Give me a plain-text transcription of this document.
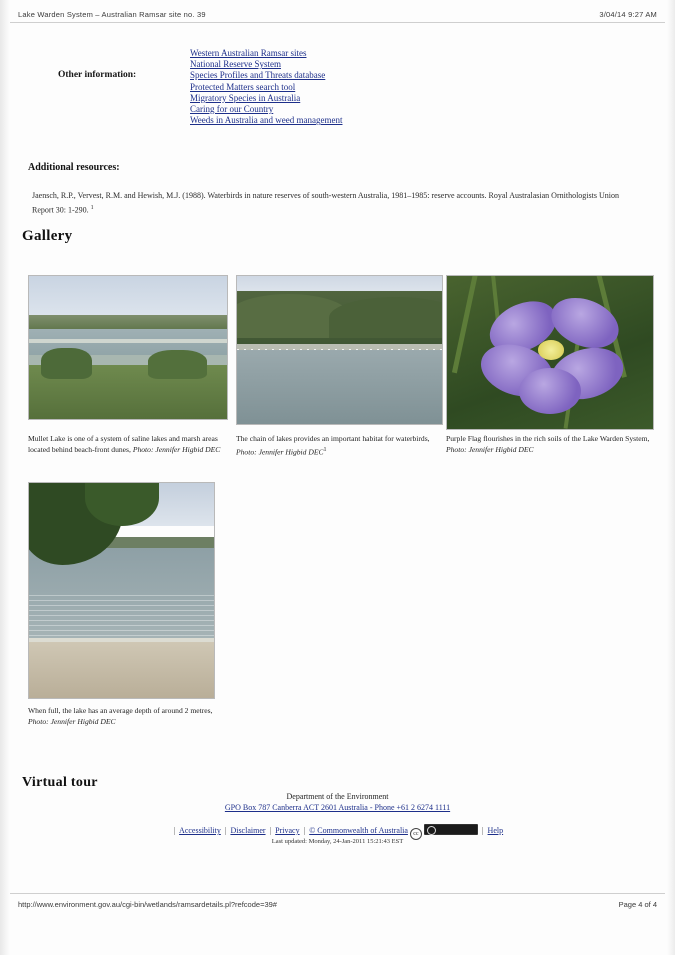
Lake Warden System – Australian Ramsar site no. 39	3/04/14 9:27 AM
Other information:
Western Australian Ramsar sites
National Reserve System
Species Profiles and Threats database
Protected Matters search tool
Migratory Species in Australia
Caring for our Country
Weeds in Australia and weed management
Additional resources:
Jaensch, R.P., Vervest, R.M. and Hewish, M.J. (1988). Waterbirds in nature reserves of south-western Australia, 1981–1985: reserve accounts. Royal Australasian Ornithologists Union Report 30: 1-290. $^1$
Gallery
Mullet Lake is one of a system of saline lakes and marsh areas located behind beach-front dunes, Photo: Jennifer Higbid DEC
The chain of lakes provides an important habitat for waterbirds, Photo: Jennifer Higbid DEC$^1$
Purple Flag flourishes in the rich soils of the Lake Warden System, Photo: Jennifer Higbid DEC
When full, the lake has an average depth of around 2 metres, Photo: Jennifer Higbid DEC
Virtual tour
Department of the Environment
GPO Box 787 Canberra ACT 2601 Australia - Phone +61 2 6274 1111
| Accessibility | Disclaimer | Privacy | © Commonwealth of Australia cc	| Help
Last updated: Monday, 24-Jan-2011 15:21:43 EST
http://www.environment.gov.au/cgi-bin/wetlands/ramsardetails.pl?refcode=39#	Page 4 of 4
